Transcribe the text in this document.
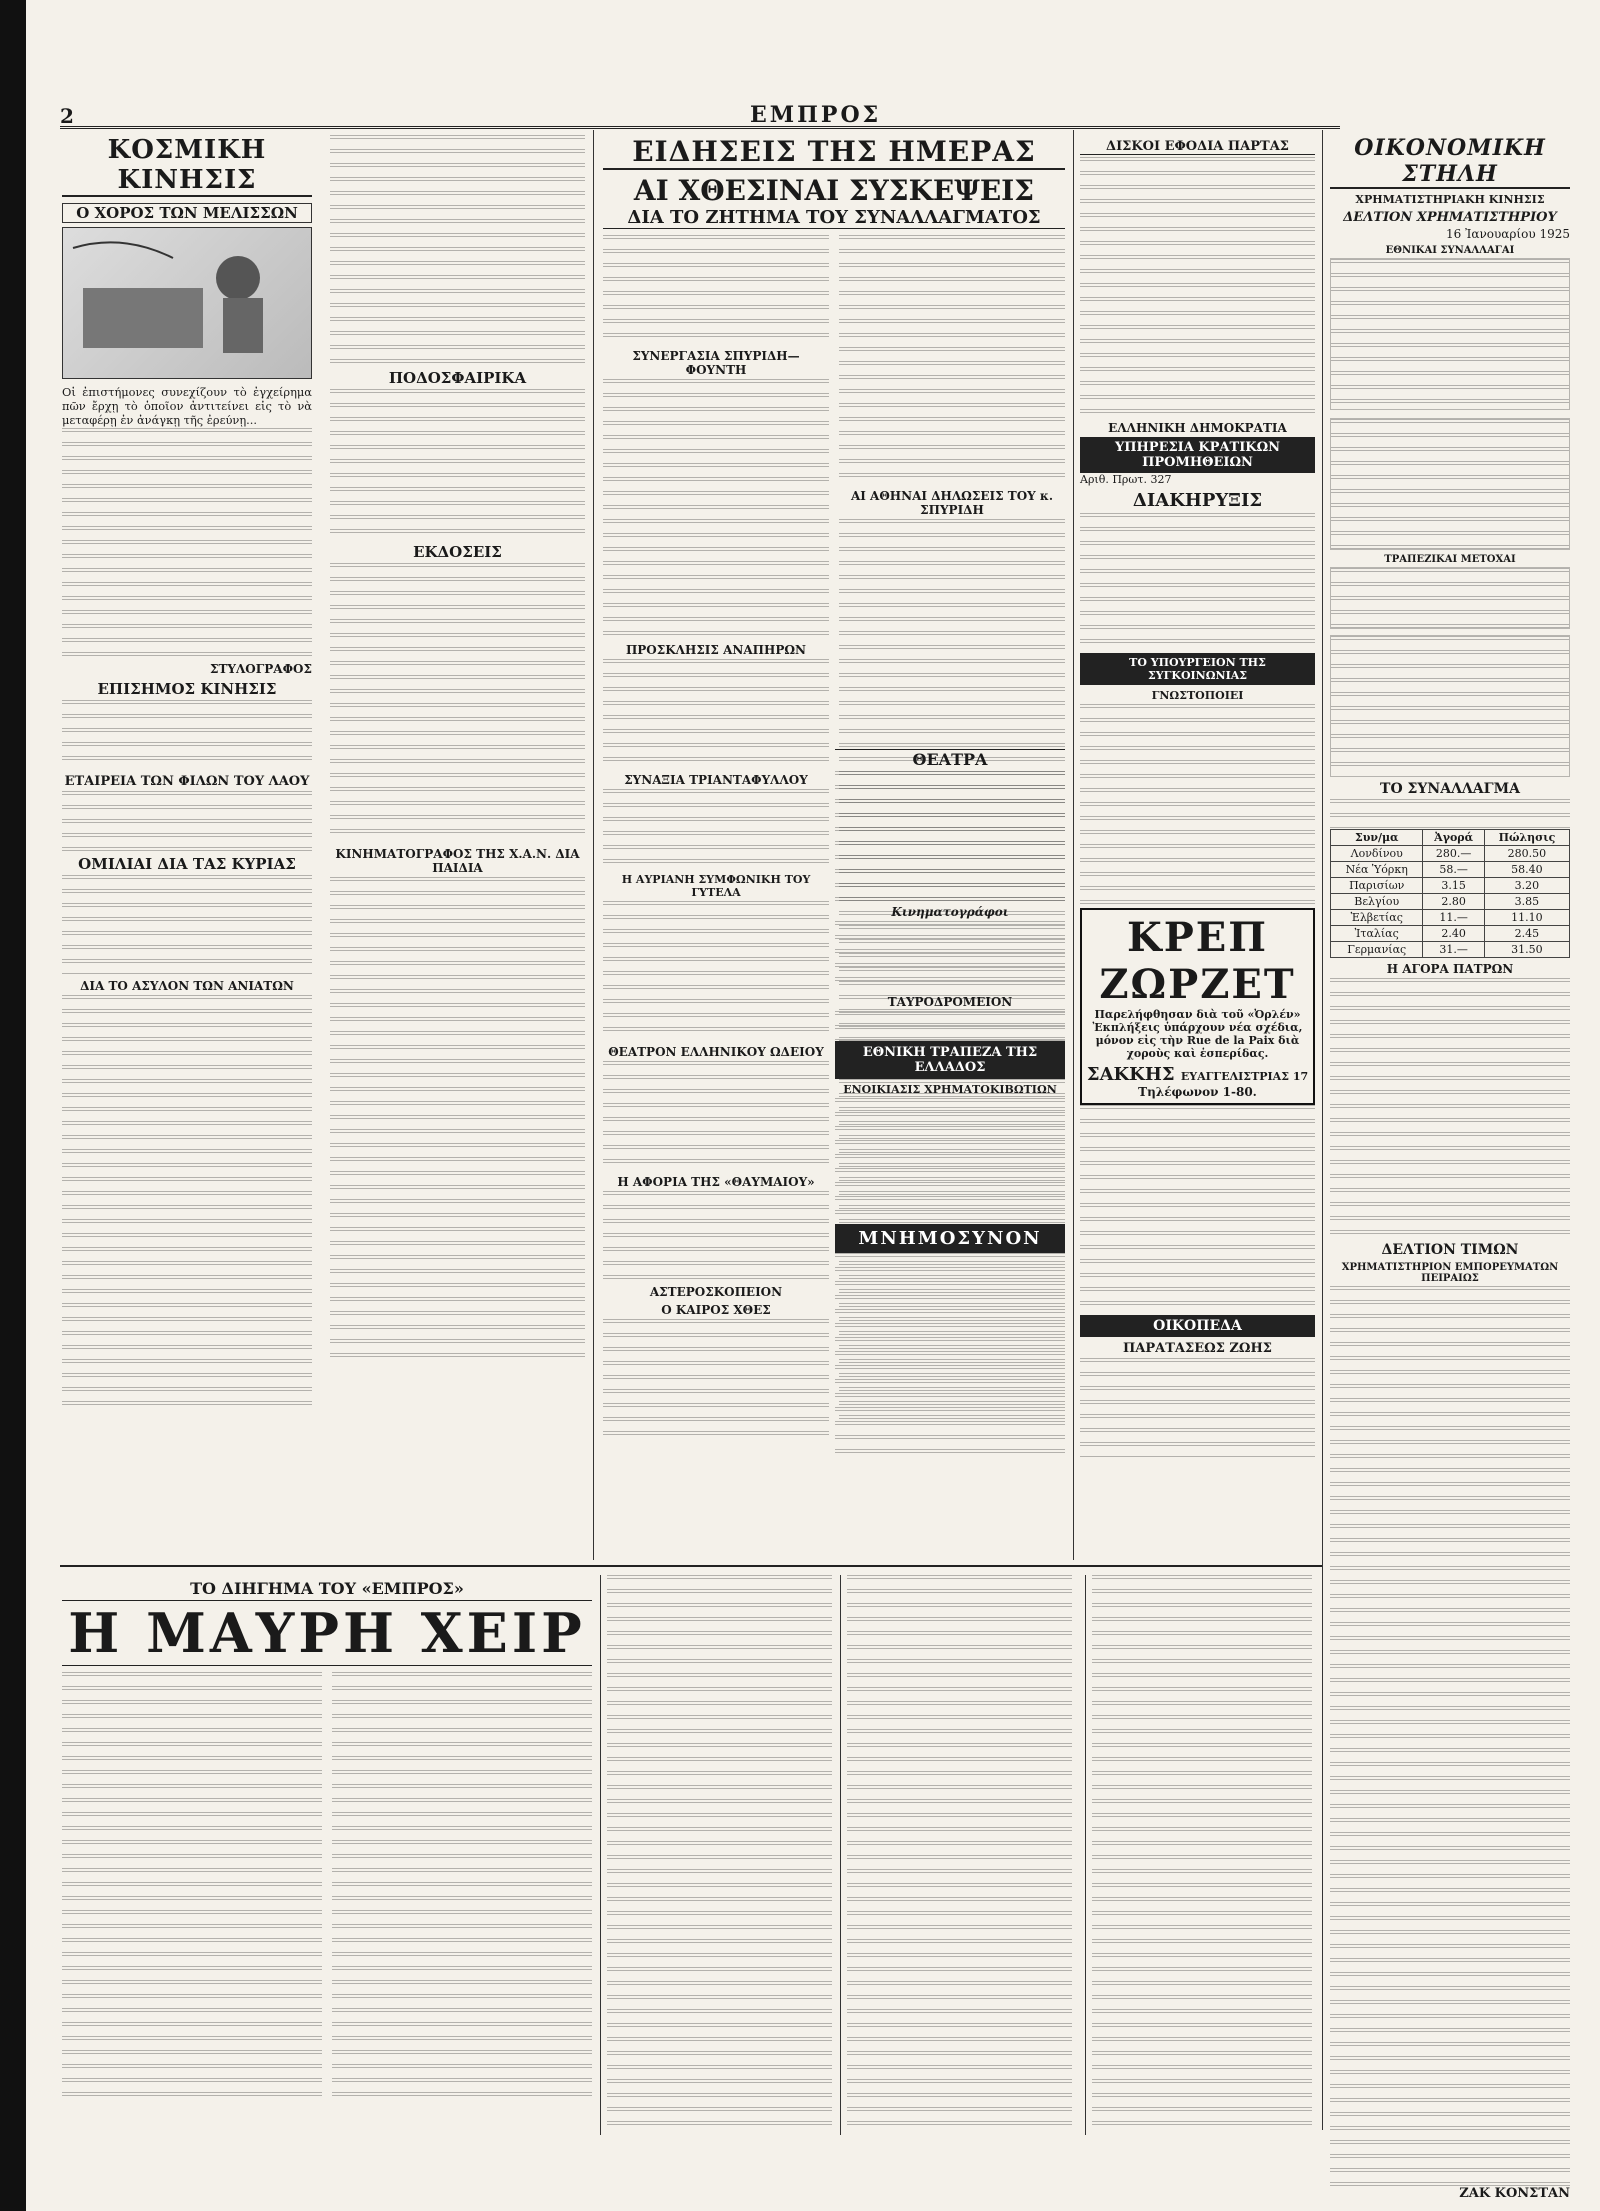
2	ΕΜΠΡΟΣ
ΚΟΣΜΙΚΗ ΚΙΝΗΣΙΣ
Ο ΧΟΡΟΣ ΤΩΝ ΜΕΛΙΣΣΩΝ

Οἱ ἐπιστήμονες συνεχίζουν τὸ ἐγχείρημα πῶν ἔρχῃ τὸ ὁποῖον ἀντιτείνει εἰς τὸ νὰ μεταφέρῃ ἐν ἀνάγκῃ τῆς ἐρεύνῃ...

ΣΤΥΛΟΓΡΑΦΟΣ
ΕΠΙΣΗΜΟΣ ΚΙΝΗΣΙΣ
ΕΤΑΙΡΕΙΑ ΤΩΝ ΦΙΛΩΝ ΤΟΥ ΛΑΟΥ
ΟΜΙΛΙΑΙ ΔΙΑ ΤΑΣ ΚΥΡΙΑΣ
ΔΙΑ ΤΟ ΑΣΥΛΟΝ ΤΩΝ ΑΝΙΑΤΩΝ
ΠΟΔΟΣΦΑΙΡΙΚΑ
ΕΚΔΟΣΕΙΣ
ΚΙΝΗΜΑΤΟΓΡΑΦΟΣ ΤΗΣ Χ.Α.Ν. ΔΙΑ ΠΑΙΔΙΑ
ΕΙΔΗΣΕΙΣ ΤΗΣ ΗΜΕΡΑΣ
ΑΙ ΧΘΕΣΙΝΑΙ ΣΥΣΚΕΨΕΙΣ
ΔΙΑ ΤΟ ΖΗΤΗΜΑ ΤΟΥ ΣΥΝΑΛΛΑΓΜΑΤΟΣ
ΣΥΝΕΡΓΑΣΙΑ ΣΠΥΡΙΔΗ—ΦΟΥΝΤΗ
ΠΡΟΣΚΛΗΣΙΣ ΑΝΑΠΗΡΩΝ
ΣΥΝΑΞΙΑ ΤΡΙΑΝΤΑΦΥΛΛΟΥ
Η ΑΥΡΙΑΝΗ ΣΥΜΦΩΝΙΚΗ ΤΟΥ ΓΥΤΕΛΑ
ΘΕΑΤΡΟΝ ΕΛΛΗΝΙΚΟΥ ΩΔΕΙΟΥ
Η ΑΦΟΡΙΑ ΤΗΣ «ΘΑΥΜΑΙΟΥ»
ΑΣΤΕΡΟΣΚΟΠΕΙΟΝ
Ο ΚΑΙΡΟΣ ΧΘΕΣ
ΑΙ ΑΘΗΝΑΙ ΔΗΛΩΣΕΙΣ ΤΟΥ κ. ΣΠΥΡΙΔΗ
ΘΕΑΤΡΑ
Κινηματογράφοι
ΤΑΥΡΟΔΡΟΜΕΙΟΝ
ΕΘΝΙΚΗ ΤΡΑΠΕΖΑ ΤΗΣ ΕΛΛΑΔΟΣ
ΕΝΟΙΚΙΑΣΙΣ ΧΡΗΜΑΤΟΚΙΒΩΤΙΩΝ
ΜΝΗΜΟΣΥΝΟΝ
ΔΙΣΚΟΙ ΕΦΟΔΙΑ ΠΑΡΤΑΣ
ΕΛΛΗΝΙΚΗ ΔΗΜΟΚΡΑΤΙΑ
ΥΠΗΡΕΣΙΑ ΚΡΑΤΙΚΩΝ ΠΡΟΜΗΘΕΙΩΝ
Αριθ. Πρωτ. 327
ΔΙΑΚΗΡΥΞΙΣ
ΤΟ ΥΠΟΥΡΓΕΙΟΝ ΤΗΣ ΣΥΓΚΟΙΝΩΝΙΑΣ
ΓΝΩΣΤΟΠΟΙΕΙ
ΚΡΕΠ ΖΩΡΖΕΤ
Παρελήφθησαν διὰ τοῦ «Ὀρλέν» Ἐκπλήξεις ὑπάρχουν νέα σχέδια, μόνον εἰς τὴν Rue de la Paix διὰ χοροὺς καὶ ἑσπερίδας.
ΣΑΚΚΗΣ ΕΥΑΓΓΕΛΙΣΤΡΙΑΣ 17
Τηλέφωνον 1-80.
ΟΙΚΟΠΕΔΑ
ΠΑΡΑΤΑΣΕΩΣ ΖΩΗΣ
ΟΙΚΟΝΟΜΙΚΗ ΣΤΗΛΗ
ΧΡΗΜΑΤΙΣΤΗΡΙΑΚΗ ΚΙΝΗΣΙΣ
ΔΕΛΤΙΟΝ ΧΡΗΜΑΤΙΣΤΗΡΙΟΥ
16 Ἰανουαρίου 1925
ΕΘΝΙΚΑΙ ΣΥΝΑΛΛΑΓΑΙ
ΤΡΑΠΕΖΙΚΑΙ ΜΕΤΟΧΑΙ
ΤΟ ΣΥΝΑΛΛΑΓΜΑ
Συν/μα	Ἀγορά	Πώλησις
Λονδίνου	280.—	280.50
Νέα Ὑόρκη	58.—	58.40
Παρισίων	3.15	3.20
Βελγίου	2.80	3.85
Ἑλβετίας	11.—	11.10
Ἰταλίας	2.40	2.45
Γερμανίας	31.—	31.50
Η ΑΓΟΡΑ ΠΑΤΡΩΝ
ΔΕΛΤΙΟΝ ΤΙΜΩΝ
ΧΡΗΜΑΤΙΣΤΗΡΙΟΝ ΕΜΠΟΡΕΥΜΑΤΩΝ ΠΕΙΡΑΙΩΣ
ΖΑΚ ΚΟΝΣΤΑΝ
ΤΟ ΔΙΗΓΗΜΑ ΤΟΥ «ΕΜΠΡΟΣ»
Η ΜΑΥΡΗ ΧΕΙΡ
